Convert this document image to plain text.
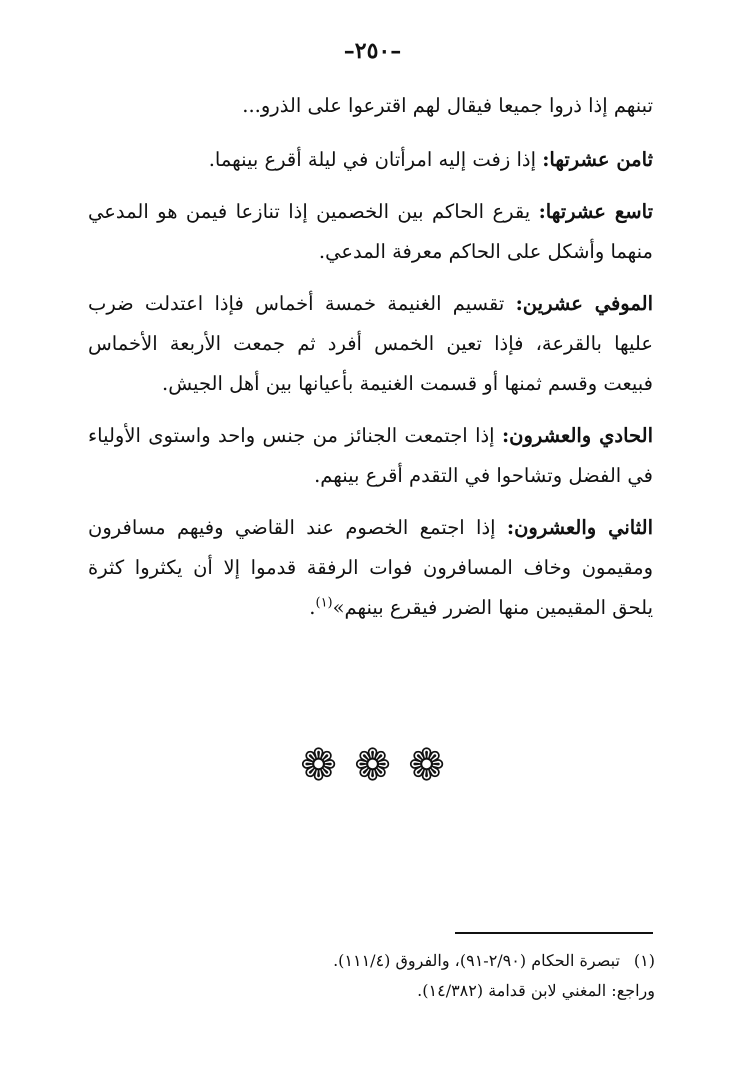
–٢٥٠–

تبنهم إذا ذروا جميعا فيقال لهم اقترعوا على الذرو...

ثامن عشرتها: إذا زفت إليه امرأتان في ليلة أقرع بينهما.

تاسع عشرتها: يقرع الحاكم بين الخصمين إذا تنازعا فيمن هو المدعي منهما وأشكل على الحاكم معرفة المدعي.

الموفي عشرين: تقسيم الغنيمة خمسة أخماس فإذا اعتدلت ضرب عليها بالقرعة، فإذا تعين الخمس أفرد ثم جمعت الأربعة الأخماس فبيعت وقسم ثمنها أو قسمت الغنيمة بأعيانها بين أهل الجيش.

الحادي والعشرون: إذا اجتمعت الجنائز من جنس واحد واستوى الأولياء في الفضل وتشاحوا في التقدم أقرع بينهم.

الثاني والعشرون: إذا اجتمع الخصوم عند القاضي وفيهم مسافرون ومقيمون وخاف المسافرون فوات الرفقة قدموا إلا أن يكثروا كثرة يلحق المقيمين منها الضرر فيقرع بينهم»$^{(١)}$.

❁❁❁
(١)تبصرة الحكام (٢/٩٠-٩١)، والفروق (١١١/٤).
وراجع: المغني لابن قدامة (١٤/٣٨٢).
